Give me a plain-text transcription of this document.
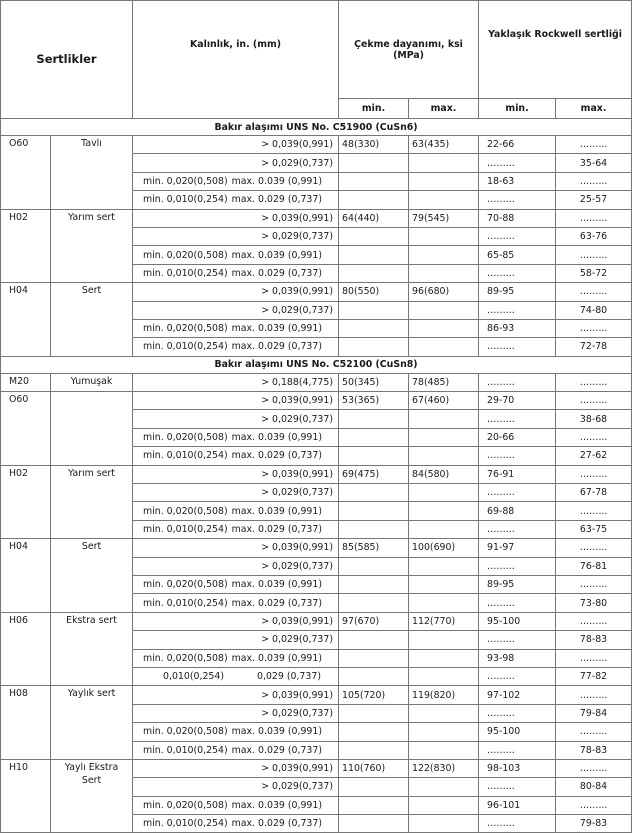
Sertlikler		Kalınlık, in. (mm)	Çekme dayanımı, ksi (MPa)		Yaklaşık Rockwell sertliği	
			min.	max.	min.	max.
Bakır alaşımı UNS No. C51900 (CuSn6)						
O60	Tavlı	> 0,039(0,991)	48(330)	63(435)	22-66	……...
		> 0,029(0,737)			……...	35-64
		min. 0,020(0,508) max. 0.039 (0,991)			18-63	……...
		min. 0,010(0,254) max. 0.029 (0,737)			……...	25-57
H02	Yarım sert	> 0,039(0,991)	64(440)	79(545)	70-88	……...
		> 0,029(0,737)			……...	63-76
		min. 0,020(0,508) max. 0.039 (0,991)			65-85	……...
		min. 0,010(0,254) max. 0.029 (0,737)			……...	58-72
H04	Sert	> 0,039(0,991)	80(550)	96(680)	89-95	……...
		> 0,029(0,737)			……...	74-80
		min. 0,020(0,508) max. 0.039 (0,991)			86-93	……...
		min. 0,010(0,254) max. 0.029 (0,737)			……...	72-78
Bakır alaşımı UNS No. C52100 (CuSn8)						
M20	Yumuşak	> 0,188(4,775)	50(345)	78(485)	……...	……...
O60		> 0,039(0,991)	53(365)	67(460)	29-70	……...
		> 0,029(0,737)			……...	38-68
		min. 0,020(0,508) max. 0.039 (0,991)			20-66	……...
		min. 0,010(0,254) max. 0.029 (0,737)			……...	27-62
H02	Yarım sert	> 0,039(0,991)	69(475)	84(580)	76-91	……...
		> 0,029(0,737)			……...	67-78
		min. 0,020(0,508) max. 0.039 (0,991)			69-88	……...
		min. 0,010(0,254) max. 0.029 (0,737)			……...	63-75
H04	Sert	> 0,039(0,991)	85(585)	100(690)	91-97	……...
		> 0,029(0,737)			……...	76-81
		min. 0,020(0,508) max. 0.039 (0,991)			89-95	……...
		min. 0,010(0,254) max. 0.029 (0,737)			……...	73-80
H06	Ekstra sert	> 0,039(0,991)	97(670)	112(770)	95-100	……...
		> 0,029(0,737)			……...	78-83
		min. 0,020(0,508) max. 0.039 (0,991)			93-98	……...
		0,010(0,254) 0,029 (0,737)			……...	77-82
H08	Yaylık sert	> 0,039(0,991)	105(720)	119(820)	97-102	……...
		> 0,029(0,737)			……...	79-84
		min. 0,020(0,508) max. 0.039 (0,991)			95-100	……...
		min. 0,010(0,254) max. 0.029 (0,737)			……...	78-83
H10	Yaylı Ekstra Sert	> 0,039(0,991)	110(760)	122(830)	98-103	……...
		> 0,029(0,737)			……...	80-84
		min. 0,020(0,508) max. 0.039 (0,991)			96-101	……...
		min. 0,010(0,254) max. 0.029 (0,737)			……...	79-83
